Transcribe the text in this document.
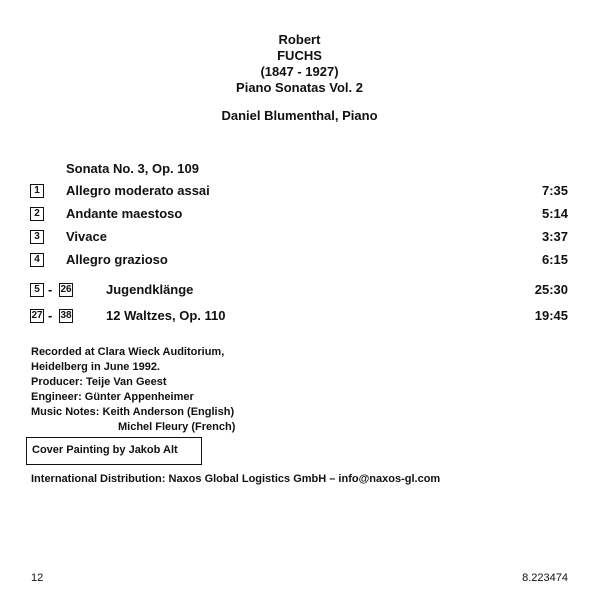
Robert
FUCHS
(1847 - 1927)
Piano Sonatas Vol. 2
Daniel Blumenthal, Piano
Sonata No. 3, Op. 109
1	Allegro moderato assai	7:35
2	Andante maestoso	5:14
3	Vivace	3:37
4	Allegro grazioso	6:15
5 - 26	Jugendklänge	25:30
27 - 38	12 Waltzes, Op. 110	19:45
Recorded at Clara Wieck Auditorium,
Heidelberg in June 1992.
Producer: Teije Van Geest
Engineer: Günter Appenheimer
Music Notes: Keith Anderson (English)
Michel Fleury (French)
Cover Painting by Jakob Alt
International Distribution: Naxos Global Logistics GmbH – info@naxos-gl.com
12	8.223474
